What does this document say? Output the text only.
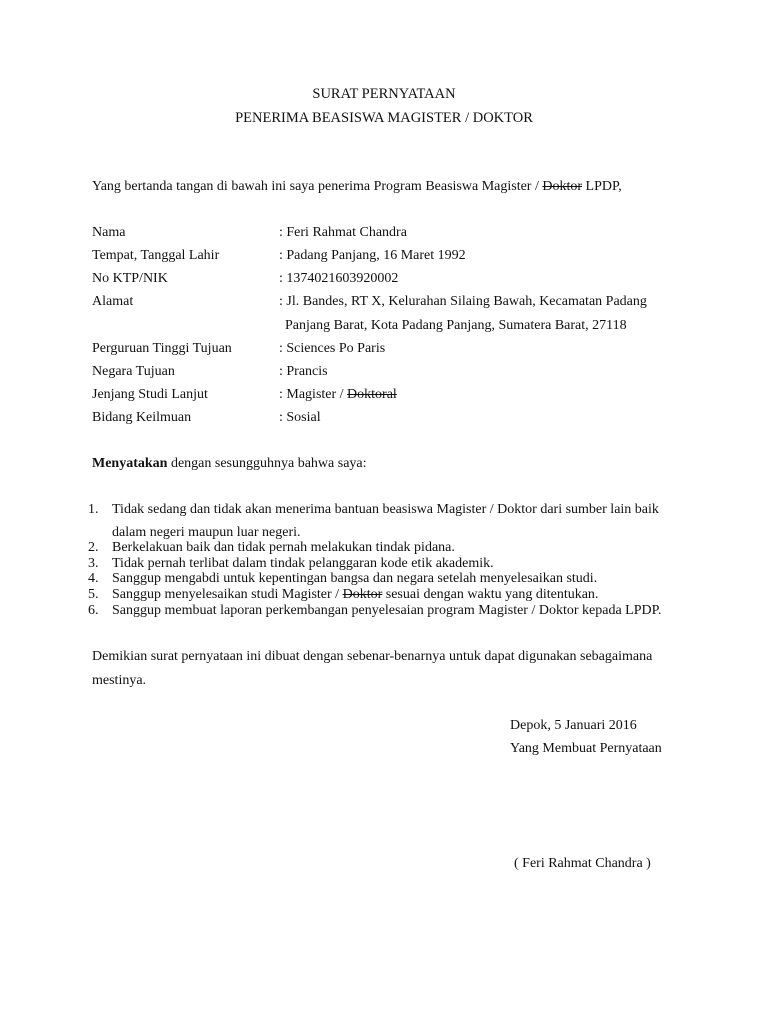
SURAT PERNYATAAN
PENERIMA BEASISWA MAGISTER / DOKTOR
Yang bertanda tangan di bawah ini saya penerima Program Beasiswa Magister / Doktor LPDP,
Nama	: Feri Rahmat Chandra
Tempat, Tanggal Lahir	: Padang Panjang, 16 Maret 1992
No KTP/NIK	: 1374021603920002
Alamat	: Jl. Bandes, RT X, Kelurahan Silaing Bawah, Kecamatan Padang
Panjang Barat, Kota Padang Panjang, Sumatera Barat, 27118
Perguruan Tinggi Tujuan	: Sciences Po Paris
Negara Tujuan	: Prancis
Jenjang Studi Lanjut	: Magister / Doktoral
Bidang Keilmuan	: Sosial
Menyatakan dengan sesungguhnya bahwa saya:
1. Tidak sedang dan tidak akan menerima bantuan beasiswa Magister / Doktor dari sumber lain baik
dalam negeri maupun luar negeri.
2. Berkelakuan baik dan tidak pernah melakukan tindak pidana.
3. Tidak pernah terlibat dalam tindak pelanggaran kode etik akademik.
4. Sanggup mengabdi untuk kepentingan bangsa dan negara setelah menyelesaikan studi.
5. Sanggup menyelesaikan studi Magister / Doktor sesuai dengan waktu yang ditentukan.
6. Sanggup membuat laporan perkembangan penyelesaian program Magister / Doktor kepada LPDP.
Demikian surat pernyataan ini dibuat dengan sebenar-benarnya untuk dapat digunakan sebagaimana
mestinya.
Depok, 5 Januari 2016
Yang Membuat Pernyataan
( Feri Rahmat Chandra )
